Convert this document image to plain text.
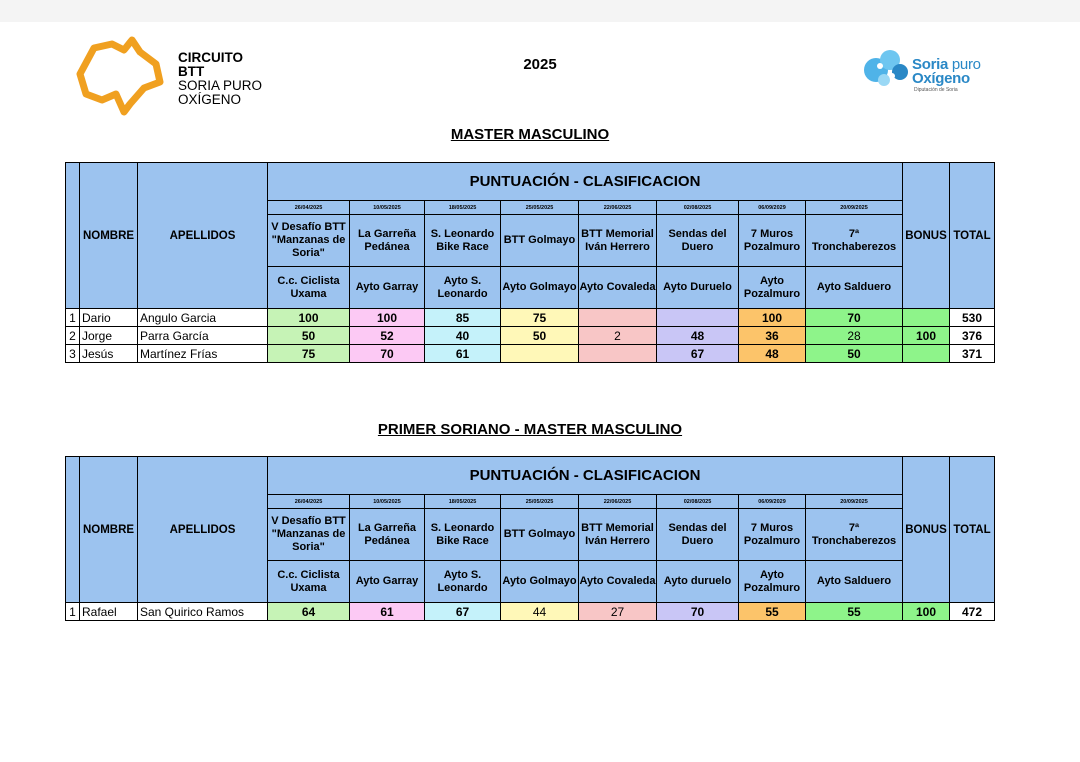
CIRCUITO
BTT
SORIA PURO
OXÍGENO
2025	Soria puro
Oxígeno
Diputación de Soria
MASTER MASCULINO
	NOMBRE	APELLIDOS	PUNTUACIÓN - CLASIFICACION								BONUS	TOTAL
			26/04/2025	10/05/2025	18/05/2025	25/05/2025	22/06/2025	02/08/2025	06/09/2029	20/09/2025		
			V Desafío BTT "Manzanas de Soria"	La Garreña Pedánea	S. Leonardo Bike Race	BTT Golmayo	BTT Memorial Iván Herrero	Sendas del Duero	7 Muros Pozalmuro	7ª Tronchaberezos		
			C.c. Ciclista Uxama	Ayto Garray	Ayto S. Leonardo	Ayto Golmayo	Ayto Covaleda	Ayto Duruelo	Ayto Pozalmuro	Ayto Salduero		
1	Dario	Angulo Garcia	100	100	85	75			100	70		530
2	Jorge	Parra García	50	52	40	50	2	48	36	28	100	376
3	Jesús	Martínez Frías	75	70	61			67	48	50		371
PRIMER SORIANO - MASTER MASCULINO
	NOMBRE	APELLIDOS	PUNTUACIÓN - CLASIFICACION								BONUS	TOTAL
			26/04/2025	10/05/2025	18/05/2025	25/05/2025	22/06/2025	02/08/2025	06/09/2029	20/09/2025		
			V Desafío BTT "Manzanas de Soria"	La Garreña Pedánea	S. Leonardo Bike Race	BTT Golmayo	BTT Memorial Iván Herrero	Sendas del Duero	7 Muros Pozalmuro	7ª Tronchaberezos		
			C.c. Ciclista Uxama	Ayto Garray	Ayto S. Leonardo	Ayto Golmayo	Ayto Covaleda	Ayto duruelo	Ayto Pozalmuro	Ayto Salduero		
1	Rafael	San Quirico Ramos	64	61	67	44	27	70	55	55	100	472
